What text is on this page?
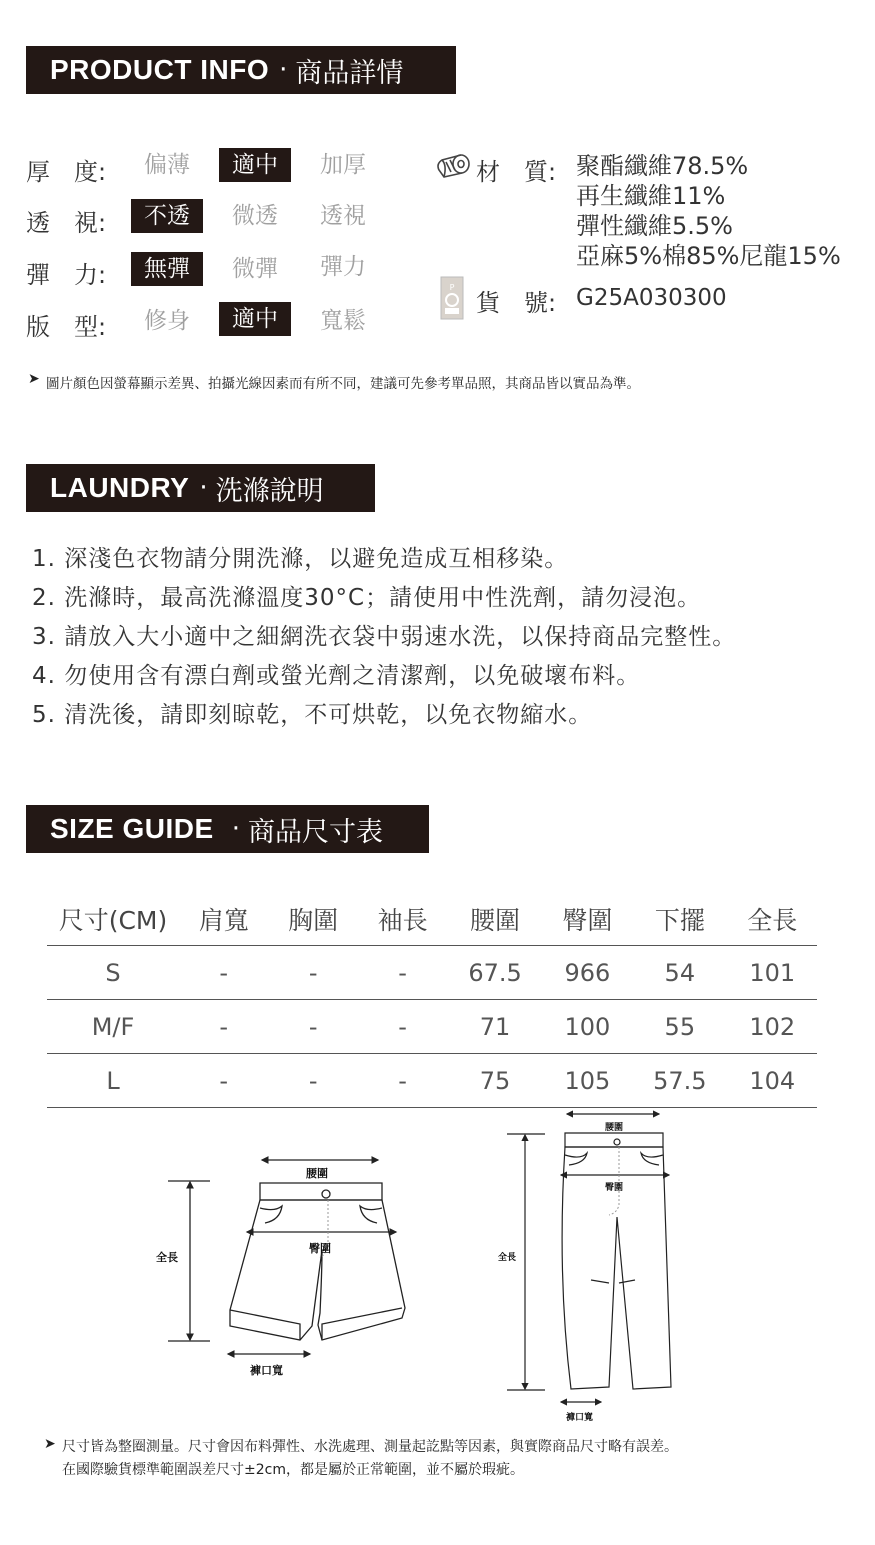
PRODUCT INFO · 商品詳情
厚　度:	偏薄	適中	加厚
透　視:	不透	微透	透視
彈　力:	無彈	微彈	彈力
版　型:	修身	適中	寬鬆
材　質: 聚酯纖維78.5%
再生纖維11%
彈性纖維5.5%
亞麻5%棉85%尼龍15%
P
貨　號: G25A030300
➤ 圖片顏色因螢幕顯示差異、拍攝光線因素而有所不同，建議可先參考單品照，其商品皆以實品為準。
LAUNDRY · 洗滌說明
1. 深淺色衣物請分開洗滌，以避免造成互相移染。
2. 洗滌時，最高洗滌溫度30°C；請使用中性洗劑，請勿浸泡。
3. 請放入大小適中之細網洗衣袋中弱速水洗，以保持商品完整性。
4. 勿使用含有漂白劑或螢光劑之清潔劑，以免破壞布料。
5. 清洗後，請即刻晾乾，不可烘乾，以免衣物縮水。
SIZE GUIDE · 商品尺寸表
尺寸(CM)	肩寬	胸圍	袖長	腰圍	臀圍	下擺	全長
S	-	-	-	67.5	966	54	101
M/F	-	-	-	71	100	55	102
L	-	-	-	75	105	57.5	104
腰圍
臀圍
全長
褲口寬
腰圍
臀圍
全長
褲口寬
➤ 尺寸皆為整圈測量。尺寸會因布料彈性、水洗處理、測量起訖點等因素，與實際商品尺寸略有誤差。
在國際驗貨標準範圍誤差尺寸±2cm，都是屬於正常範圍，並不屬於瑕疵。
